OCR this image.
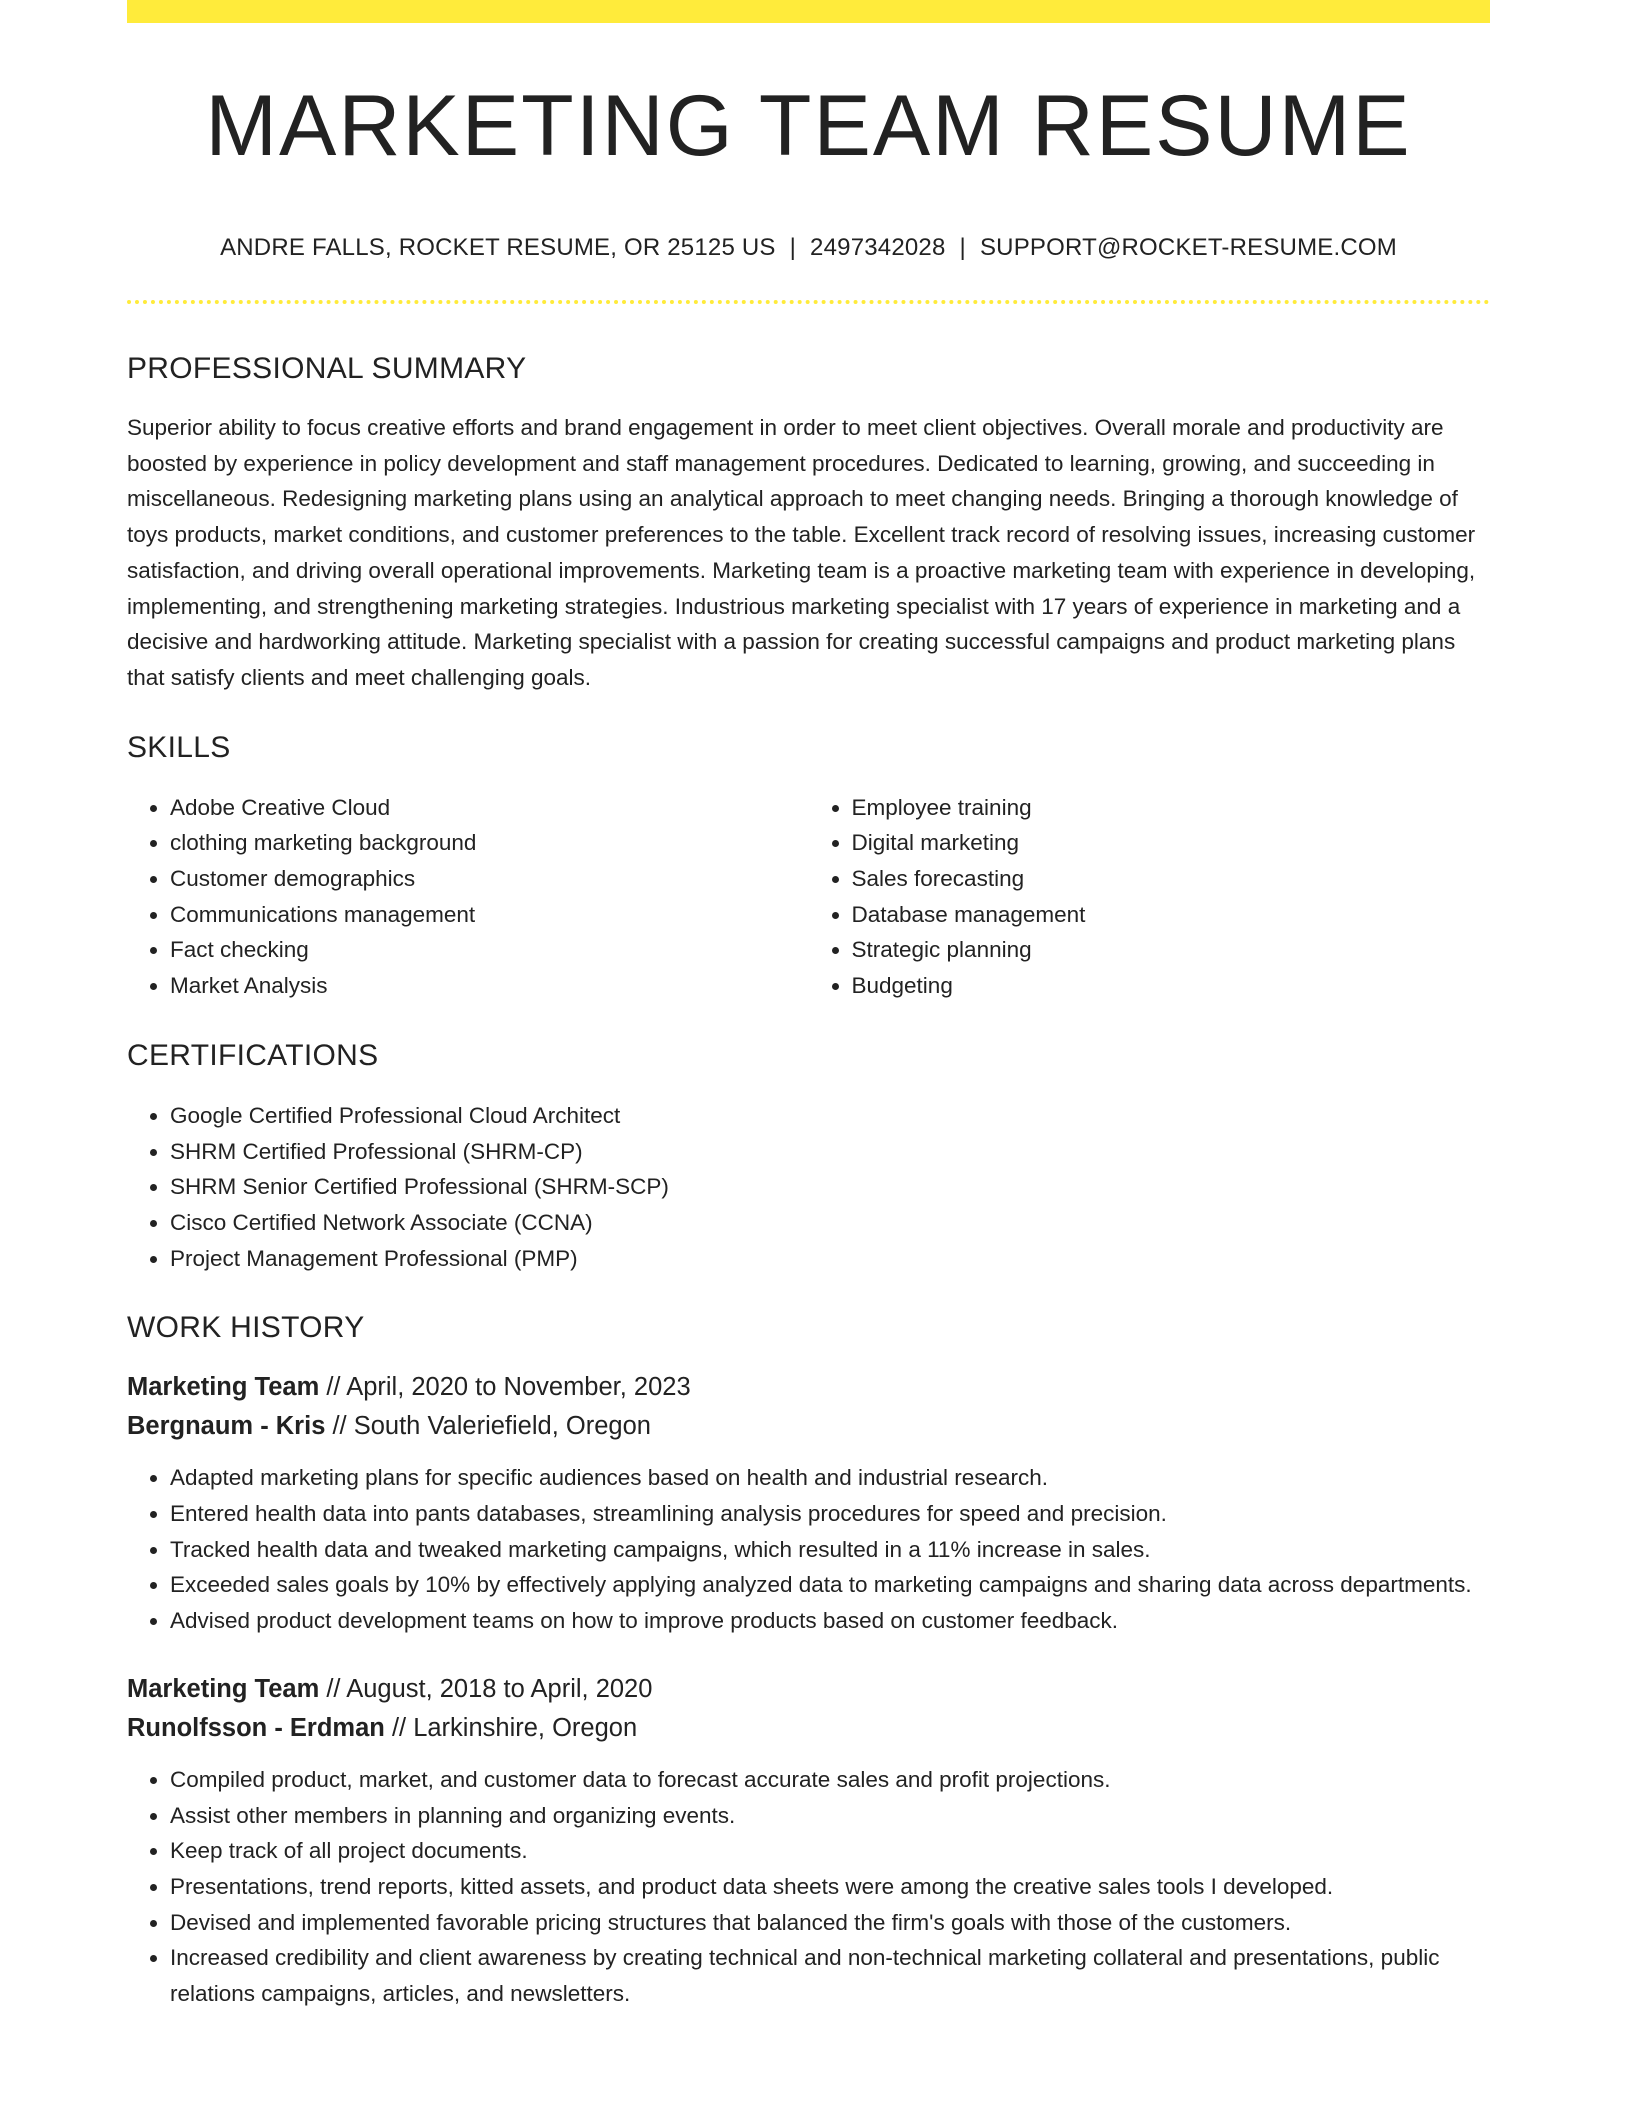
MARKETING TEAM RESUME
ANDRE FALLS, ROCKET RESUME, OR 25125 US | 2497342028 | SUPPORT@ROCKET-RESUME.COM
PROFESSIONAL SUMMARY

Superior ability to focus creative efforts and brand engagement in order to meet client objectives. Overall morale and productivity are boosted by experience in policy development and staff management procedures. Dedicated to learning, growing, and succeeding in miscellaneous. Redesigning marketing plans using an analytical approach to meet changing needs. Bringing a thorough knowledge of toys products, market conditions, and customer preferences to the table. Excellent track record of resolving issues, increasing customer satisfaction, and driving overall operational improvements. Marketing team is a proactive marketing team with experience in developing, implementing, and strengthening marketing strategies. Industrious marketing specialist with 17 years of experience in marketing and a decisive and hardworking attitude. Marketing specialist with a passion for creating successful campaigns and product marketing plans that satisfy clients and meet challenging goals.

SKILLS
• Adobe Creative Cloud
• clothing marketing background
• Customer demographics
• Communications management
• Fact checking
• Market Analysis
• Employee training
• Digital marketing
• Sales forecasting
• Database management
• Strategic planning
• Budgeting
CERTIFICATIONS
• Google Certified Professional Cloud Architect
• SHRM Certified Professional (SHRM-CP)
• SHRM Senior Certified Professional (SHRM-SCP)
• Cisco Certified Network Associate (CCNA)
• Project Management Professional (PMP)
WORK HISTORY
Marketing Team // April, 2020 to November, 2023
Bergnaum - Kris // South Valeriefield, Oregon
• Adapted marketing plans for specific audiences based on health and industrial research.
• Entered health data into pants databases, streamlining analysis procedures for speed and precision.
• Tracked health data and tweaked marketing campaigns, which resulted in a 11% increase in sales.
• Exceeded sales goals by 10% by effectively applying analyzed data to marketing campaigns and sharing data across departments.
• Advised product development teams on how to improve products based on customer feedback.
Marketing Team // August, 2018 to April, 2020
Runolfsson - Erdman // Larkinshire, Oregon
• Compiled product, market, and customer data to forecast accurate sales and profit projections.
• Assist other members in planning and organizing events.
• Keep track of all project documents.
• Presentations, trend reports, kitted assets, and product data sheets were among the creative sales tools I developed.
• Devised and implemented favorable pricing structures that balanced the firm's goals with those of the customers.
• Increased credibility and client awareness by creating technical and non-technical marketing collateral and presentations, public relations campaigns, articles, and newsletters.
